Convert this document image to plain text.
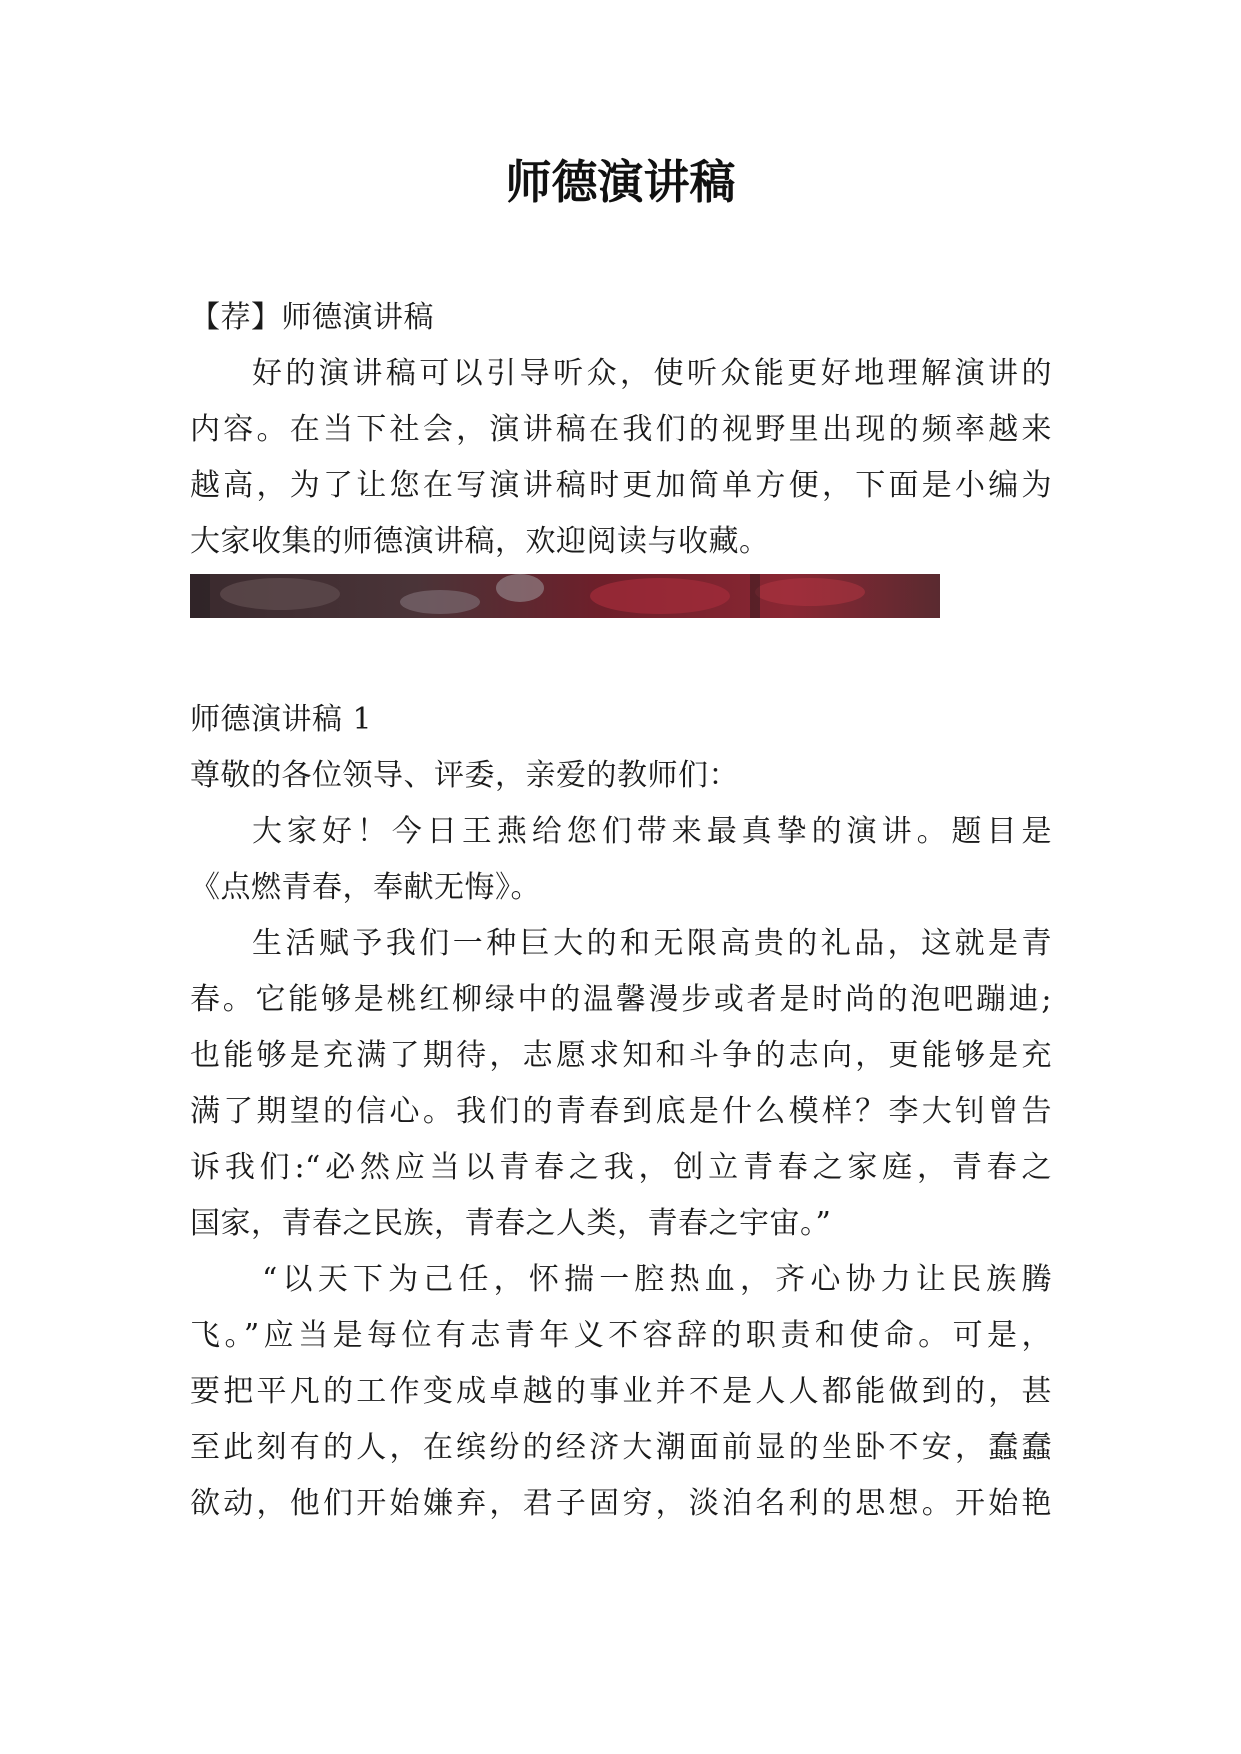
师德演讲稿
【荐】师德演讲稿
好的演讲稿可以引导听众，使听众能更好地理解演讲的
内容。在当下社会，演讲稿在我们的视野里出现的频率越来
越高，为了让您在写演讲稿时更加简单方便，下面是小编为
大家收集的师德演讲稿，欢迎阅读与收藏。
师德演讲稿 1
尊敬的各位领导、评委，亲爱的教师们：
大家好！今日王燕给您们带来最真挚的演讲。题目是
《点燃青春，奉献无悔》。
生活赋予我们一种巨大的和无限高贵的礼品，这就是青
春。它能够是桃红柳绿中的温馨漫步或者是时尚的泡吧蹦迪;
也能够是充满了期待，志愿求知和斗争的志向，更能够是充
满了期望的信心。我们的青春到底是什么模样？李大钊曾告
诉我们:“必然应当以青春之我，创立青春之家庭，青春之
国家，青春之民族，青春之人类，青春之宇宙。”
“以天下为己任，怀揣一腔热血，齐心协力让民族腾
飞。”应当是每位有志青年义不容辞的职责和使命。可是，
要把平凡的工作变成卓越的事业并不是人人都能做到的，甚
至此刻有的人，在缤纷的经济大潮面前显的坐卧不安，蠢蠢
欲动，他们开始嫌弃，君子固穷，淡泊名利的思想。开始艳
